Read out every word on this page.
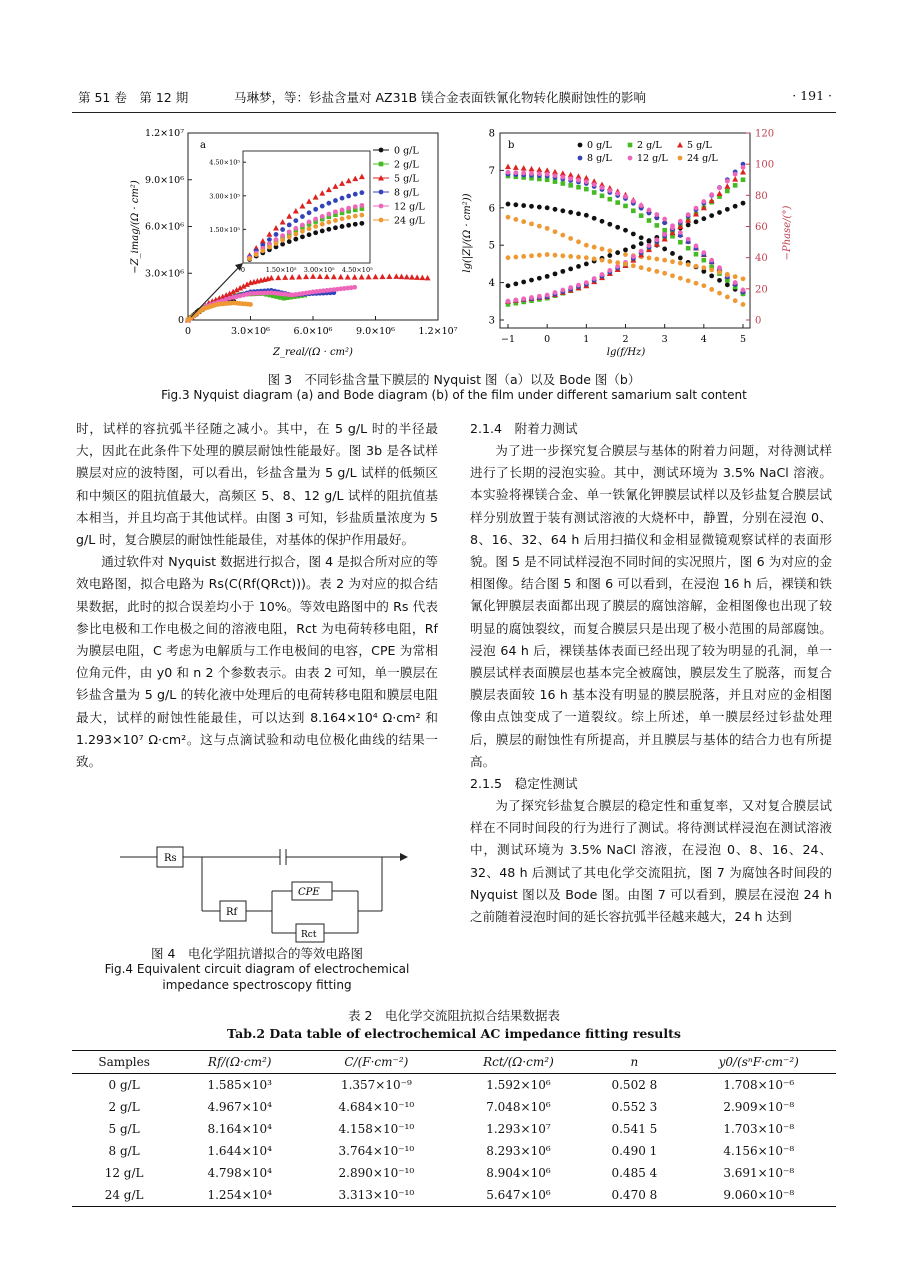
第 51 卷　第 12 期	马琳梦，等：钐盐含量对 AZ31B 镁合金表面铁氰化物转化膜耐蚀性的影响	· 191 ·
0
0
3.0×10⁶
3.0×10⁶
6.0×10⁶
6.0×10⁶
9.0×10⁶
9.0×10⁶
1.2×10⁷
1.2×10⁷
a
Z_real/(Ω · cm²)
−Z_imag/(Ω · cm²)
4.50×10⁵
3.00×10⁵
1.50×10⁵
0	1.50×10⁵ 3.00×10⁵ 4.50×10⁵
0 g/L
2 g/L
5 g/L
8 g/L
12 g/L
24 g/L
−1	0	1	2	3	4	5
3
4
5
6
7
8
0
20
40
60
80
100
120
b
lg(f/Hz)
lg(|Z|/(Ω · cm²))	−Phase/(°)
0 g/L	2 g/L	5 g/L
8 g/L	12 g/L 24 g/L
图 3　不同钐盐含量下膜层的 Nyquist 图（a）以及 Bode 图（b）
Fig.3 Nyquist diagram (a) and Bode diagram (b) of the film under different samarium salt content

时，试样的容抗弧半径随之减小。其中，在 5 g/L 时的半径最大，因此在此条件下处理的膜层耐蚀性能最好。图 3b 是各试样膜层对应的波特图，可以看出，钐盐含量为 5 g/L 试样的低频区和中频区的阻抗值最大，高频区 5、8、12 g/L 试样的阻抗值基本相当，并且均高于其他试样。由图 3 可知，钐盐质量浓度为 5 g/L 时，复合膜层的耐蚀性能最佳，对基体的保护作用最好。

通过软件对 Nyquist 数据进行拟合，图 4 是拟合所对应的等效电路图，拟合电路为 Rs(C(Rf(QRct)))。表 2 为对应的拟合结果数据，此时的拟合误差均小于 10%。等效电路图中的 Rs 代表参比电极和工作电极之间的溶液电阻，Rct 为电荷转移电阻，Rf 为膜层电阻，C 考虑为电解质与工作电极间的电容，CPE 为常相位角元件，由 y0 和 n 2 个参数表示。由表 2 可知，单一膜层在钐盐含量为 5 g/L 的转化液中处理后的电荷转移电阻和膜层电阻最大，试样的耐蚀性能最佳，可以达到 8.164×10⁴ Ω·cm² 和 1.293×10⁷ Ω·cm²。这与点滴试验和动电位极化曲线的结果一致。

Rs
Rf
CPE
Rct
图 4　电化学阻抗谱拟合的等效电路图
Fig.4 Equivalent circuit diagram of electrochemical
impedance spectroscopy fitting

2.1.4　附着力测试

为了进一步探究复合膜层与基体的附着力问题，对待测试样进行了长期的浸泡实验。其中，测试环境为 3.5% NaCl 溶液。本实验将裸镁合金、单一铁氰化钾膜层试样以及钐盐复合膜层试样分别放置于装有测试溶液的大烧杯中，静置，分别在浸泡 0、8、16、32、64 h 后用扫描仪和金相显微镜观察试样的表面形貌。图 5 是不同试样浸泡不同时间的实况照片，图 6 为对应的金相图像。结合图 5 和图 6 可以看到，在浸泡 16 h 后，裸镁和铁氰化钾膜层表面都出现了膜层的腐蚀溶解，金相图像也出现了较明显的腐蚀裂纹，而复合膜层只是出现了极小范围的局部腐蚀。浸泡 64 h 后，裸镁基体表面已经出现了较为明显的孔洞，单一膜层试样表面膜层也基本完全被腐蚀，膜层发生了脱落，而复合膜层表面较 16 h 基本没有明显的膜层脱落，并且对应的金相图像由点蚀变成了一道裂纹。综上所述，单一膜层经过钐盐处理后，膜层的耐蚀性有所提高，并且膜层与基体的结合力也有所提高。

2.1.5　稳定性测试

为了探究钐盐复合膜层的稳定性和重复率，又对复合膜层试样在不同时间段的行为进行了测试。将待测试样浸泡在测试溶液中，测试环境为 3.5% NaCl 溶液，在浸泡 0、8、16、24、32、48 h 后测试了其电化学交流阻抗，图 7 为腐蚀各时间段的 Nyquist 图以及 Bode 图。由图 7 可以看到，膜层在浸泡 24 h 之前随着浸泡时间的延长容抗弧半径越来越大，24 h 达到

表 2　电化学交流阻抗拟合结果数据表
Tab.2 Data table of electrochemical AC impedance fitting results
Samples	Rf/(Ω·cm²)	C/(F·cm⁻²)	Rct/(Ω·cm²)	n	y0/(sⁿF·cm⁻²)
0 g/L	1.585×10³	1.357×10⁻⁹	1.592×10⁶	0.502 8	1.708×10⁻⁶
2 g/L	4.967×10⁴	4.684×10⁻¹⁰	7.048×10⁶	0.552 3	2.909×10⁻⁸
5 g/L	8.164×10⁴	4.158×10⁻¹⁰	1.293×10⁷	0.541 5	1.703×10⁻⁸
8 g/L	1.644×10⁴	3.764×10⁻¹⁰	8.293×10⁶	0.490 1	4.156×10⁻⁸
12 g/L	4.798×10⁴	2.890×10⁻¹⁰	8.904×10⁶	0.485 4	3.691×10⁻⁸
24 g/L	1.254×10⁴	3.313×10⁻¹⁰	5.647×10⁶	0.470 8	9.060×10⁻⁸
